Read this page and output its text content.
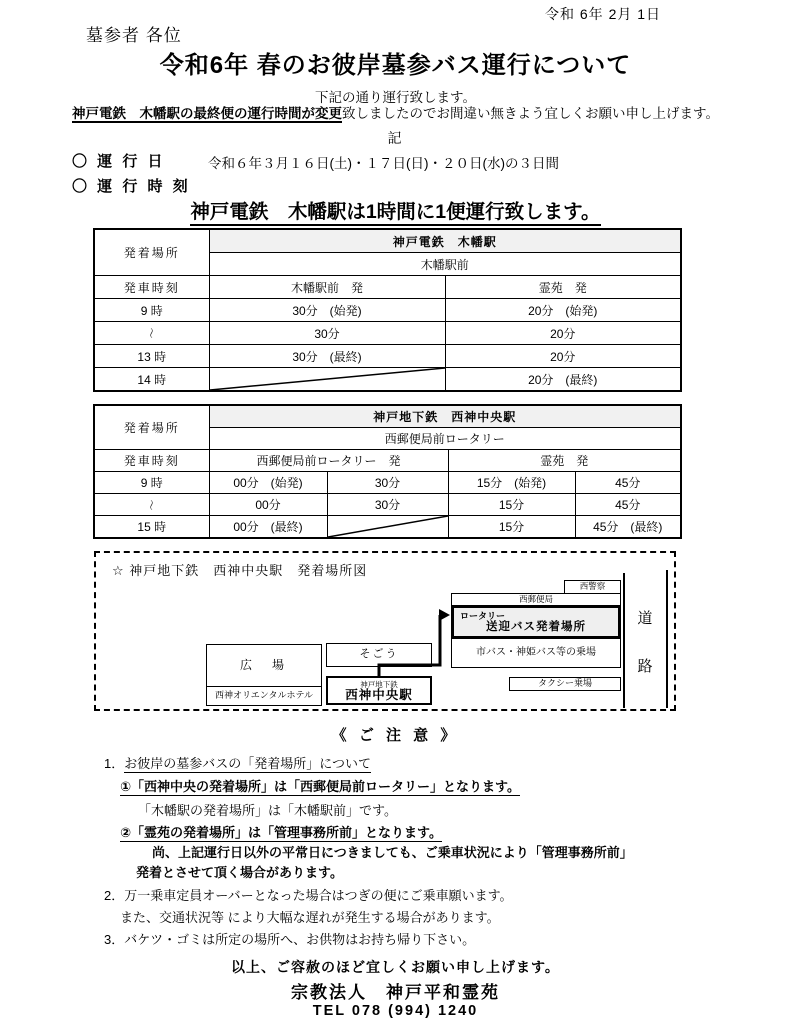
令和 6年 2月 1日
墓参者 各位
令和6年 春のお彼岸墓参バス運行について
下記の通り運行致します。
神戸電鉄　木幡駅の最終便の運行時間が変更致しましたのでお間違い無きよう宜しくお願い申し上げます。
記
〇 運 行 日	令和６年３月１６日(土)・１７日(日)・２０日(水)の３日間
〇 運 行 時 刻
神戸電鉄　木幡駅は1時間に1便運行致します。
発着場所	神戸電鉄　木幡駅	
	木幡駅前	
発車時刻	木幡駅前　発	霊苑　発
9 時	30分　(始発)	20分　(始発)
〜	30分	20分
13 時	30分　(最終)	20分
14 時		20分　(最終)
発着場所	神戸地下鉄　西神中央駅			
	西郵便局前ロータリー			
発車時刻	西郵便局前ロータリー　発		霊苑　発	
9 時	00分　(始発)	30分	15分　(始発)	45分
〜	00分	30分	15分	45分
15 時	00分　(最終)		15分	45分　(最終)
☆ 神戸地下鉄　西神中央駅　発着場所図
道
路
西警察
西郵便局
ロータリー
送迎バス発着場所
市バス・神姫バス等の乗場
タクシー乗場
広　場
西神オリエンタルホテル
そごう
神戸地下鉄
西神中央駅
《 ご 注 意 》
1．お彼岸の墓参バスの「発着場所」について
①「西神中央の発着場所」は「西郵便局前ロータリー」となります。
「木幡駅の発着場所」は「木幡駅前」です。
②「霊苑の発着場所」は「管理事務所前」となります。
尚、上記運行日以外の平常日につきましても、ご乗車状況により「管理事務所前」
発着とさせて頂く場合があります。
2．万一乗車定員オーバーとなった場合はつぎの便にご乗車願います。
また、交通状況等 により大幅な遅れが発生する場合があります。
3．バケツ・ゴミは所定の場所へ、お供物はお持ち帰り下さい。
以上、ご容赦のほど宜しくお願い申し上げます。
宗教法人　神戸平和霊苑
TEL 078 (994) 1240
